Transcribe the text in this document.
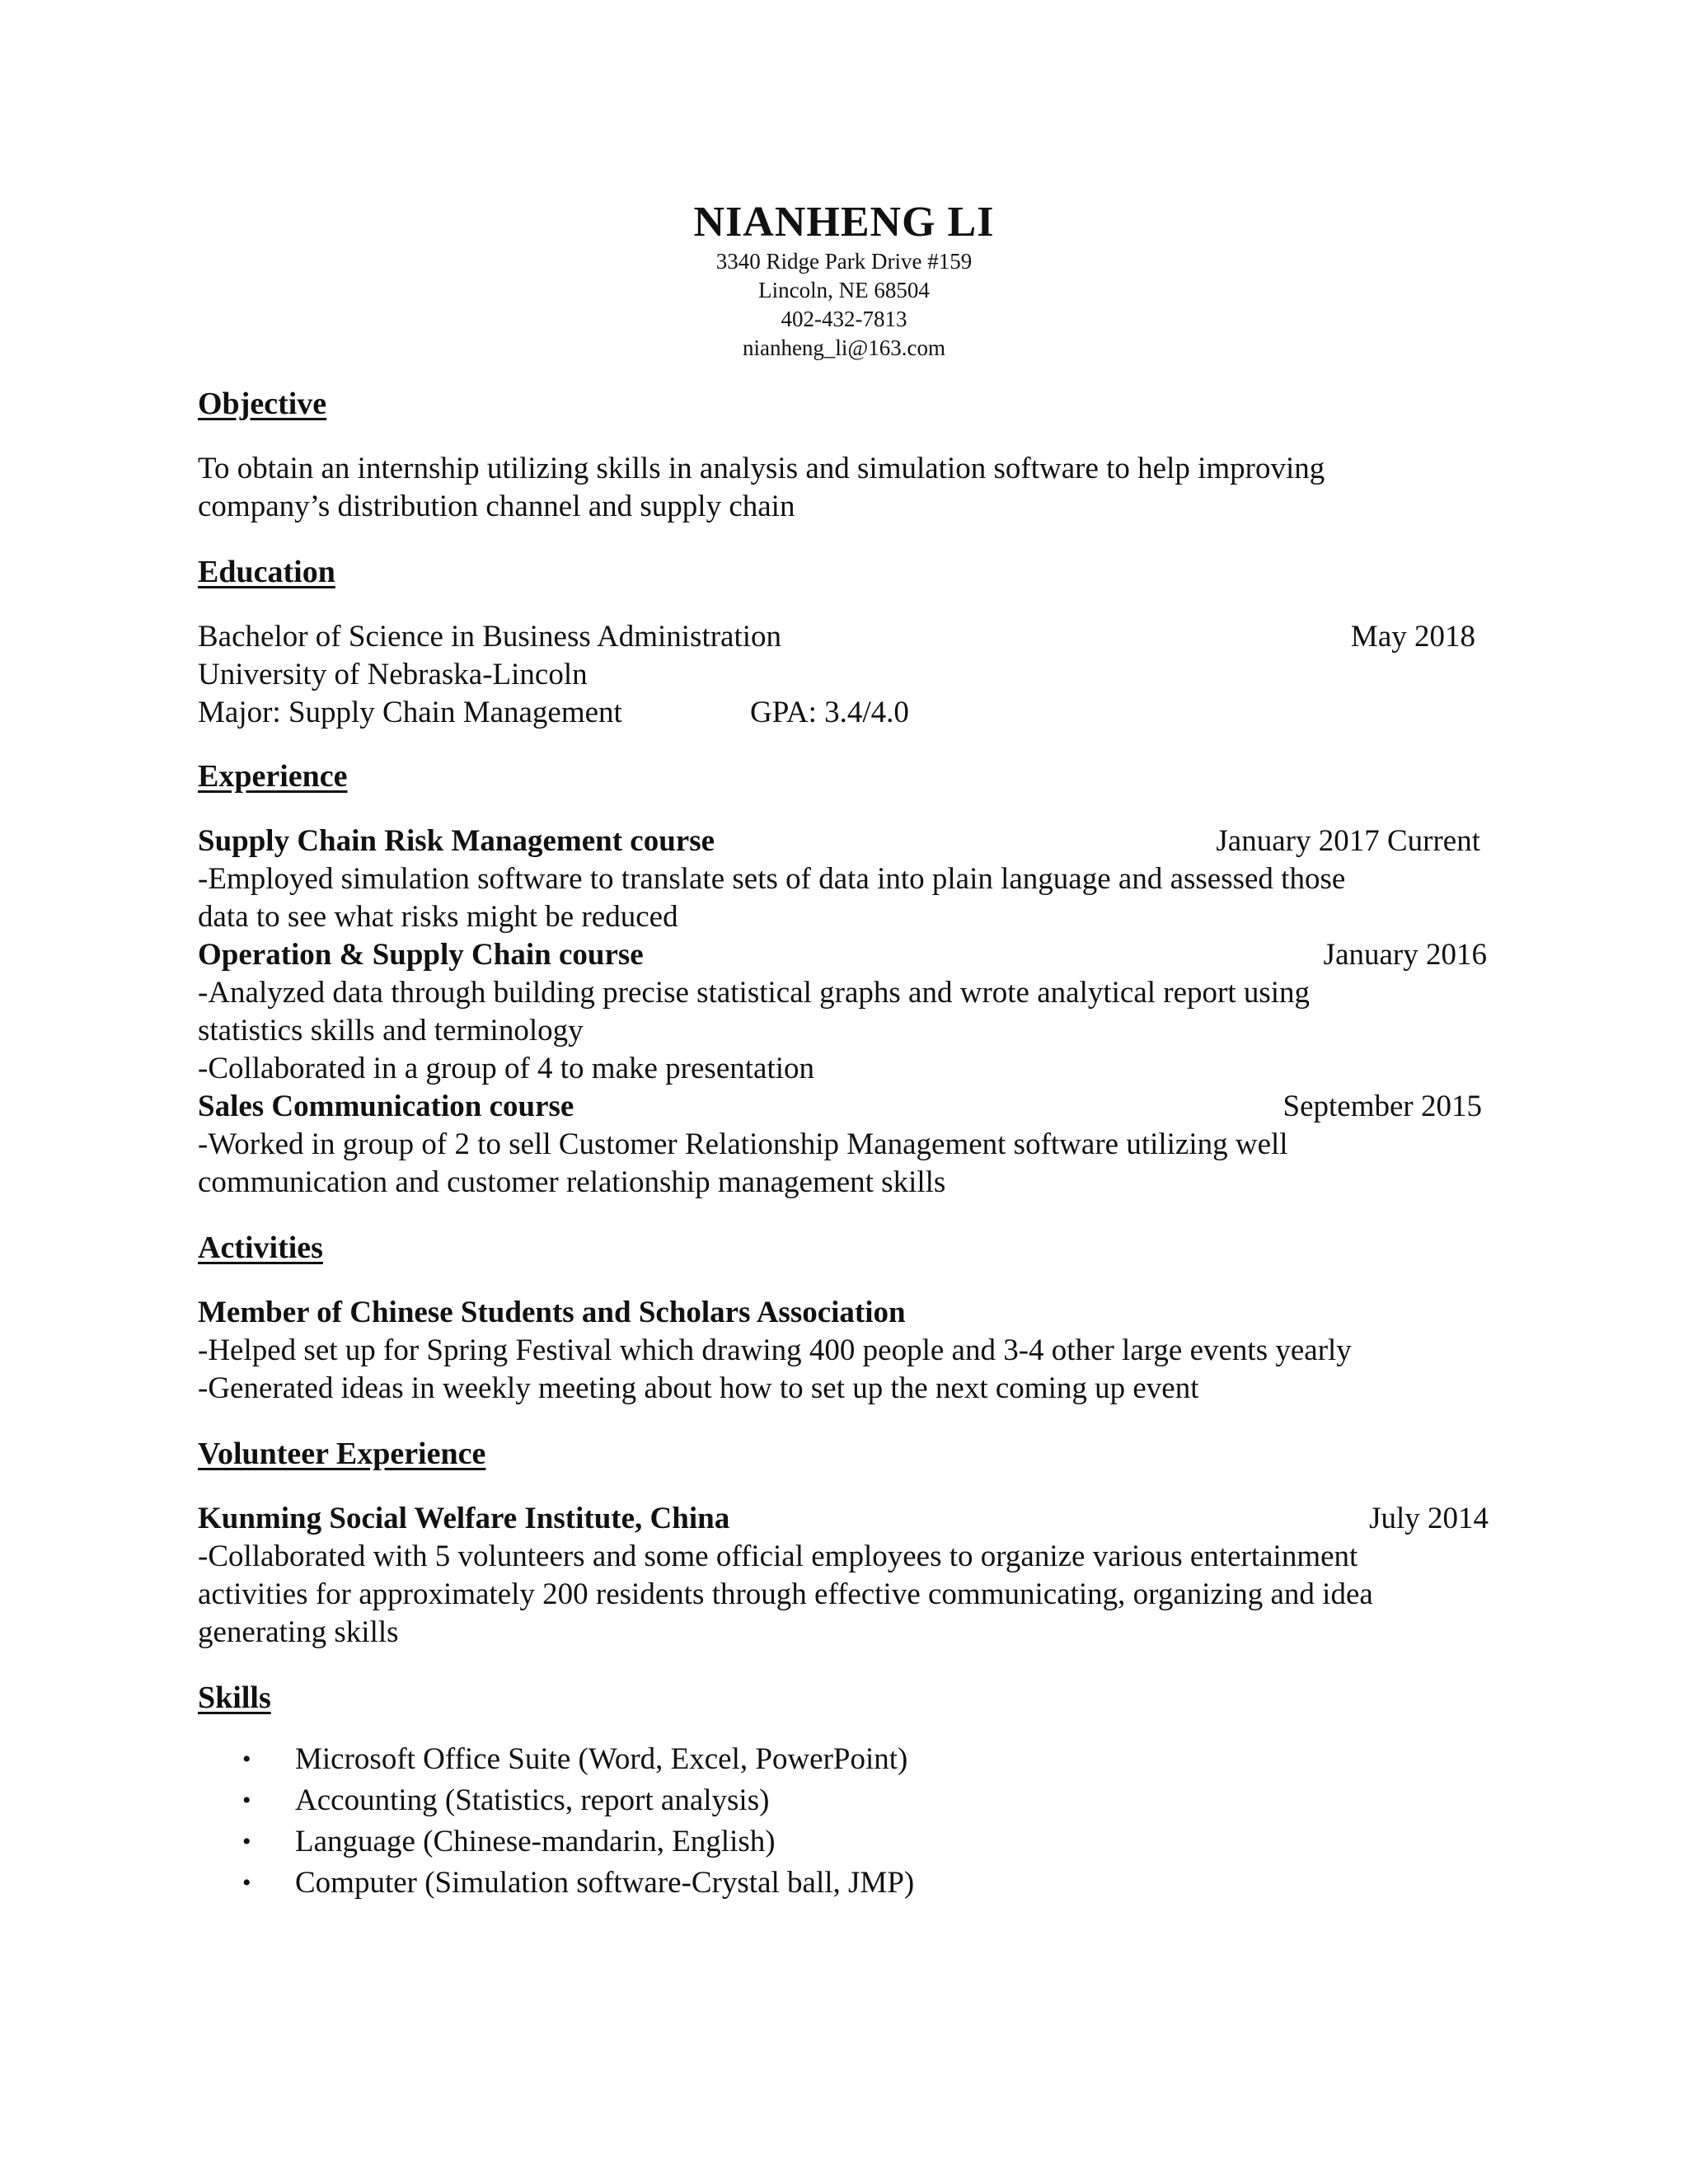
NIANHENG LI
3340 Ridge Park Drive #159
Lincoln, NE 68504
402-432-7813
nianheng_li@163.com
Objective
To obtain an internship utilizing skills in analysis and simulation software to help improving
company’s distribution channel and supply chain
Education
Bachelor of Science in Business Administration	May 2018
University of Nebraska-Lincoln
Major: Supply Chain Management	GPA: 3.4/4.0
Experience
Supply Chain Risk Management course	January 2017 Current
-Employed simulation software to translate sets of data into plain language and assessed those
data to see what risks might be reduced
Operation & Supply Chain course	January 2016
-Analyzed data through building precise statistical graphs and wrote analytical report using
statistics skills and terminology
-Collaborated in a group of 4 to make presentation
Sales Communication course	September 2015
-Worked in group of 2 to sell Customer Relationship Management software utilizing well
communication and customer relationship management skills
Activities
Member of Chinese Students and Scholars Association
-Helped set up for Spring Festival which drawing 400 people and 3-4 other large events yearly
-Generated ideas in weekly meeting about how to set up the next coming up event
Volunteer Experience
Kunming Social Welfare Institute, China	July 2014
-Collaborated with 5 volunteers and some official employees to organize various entertainment
activities for approximately 200 residents through effective communicating, organizing and idea
generating skills
Skills
• Microsoft Office Suite (Word, Excel, PowerPoint)
• Accounting (Statistics, report analysis)
• Language (Chinese-mandarin, English)
• Computer (Simulation software-Crystal ball, JMP)
